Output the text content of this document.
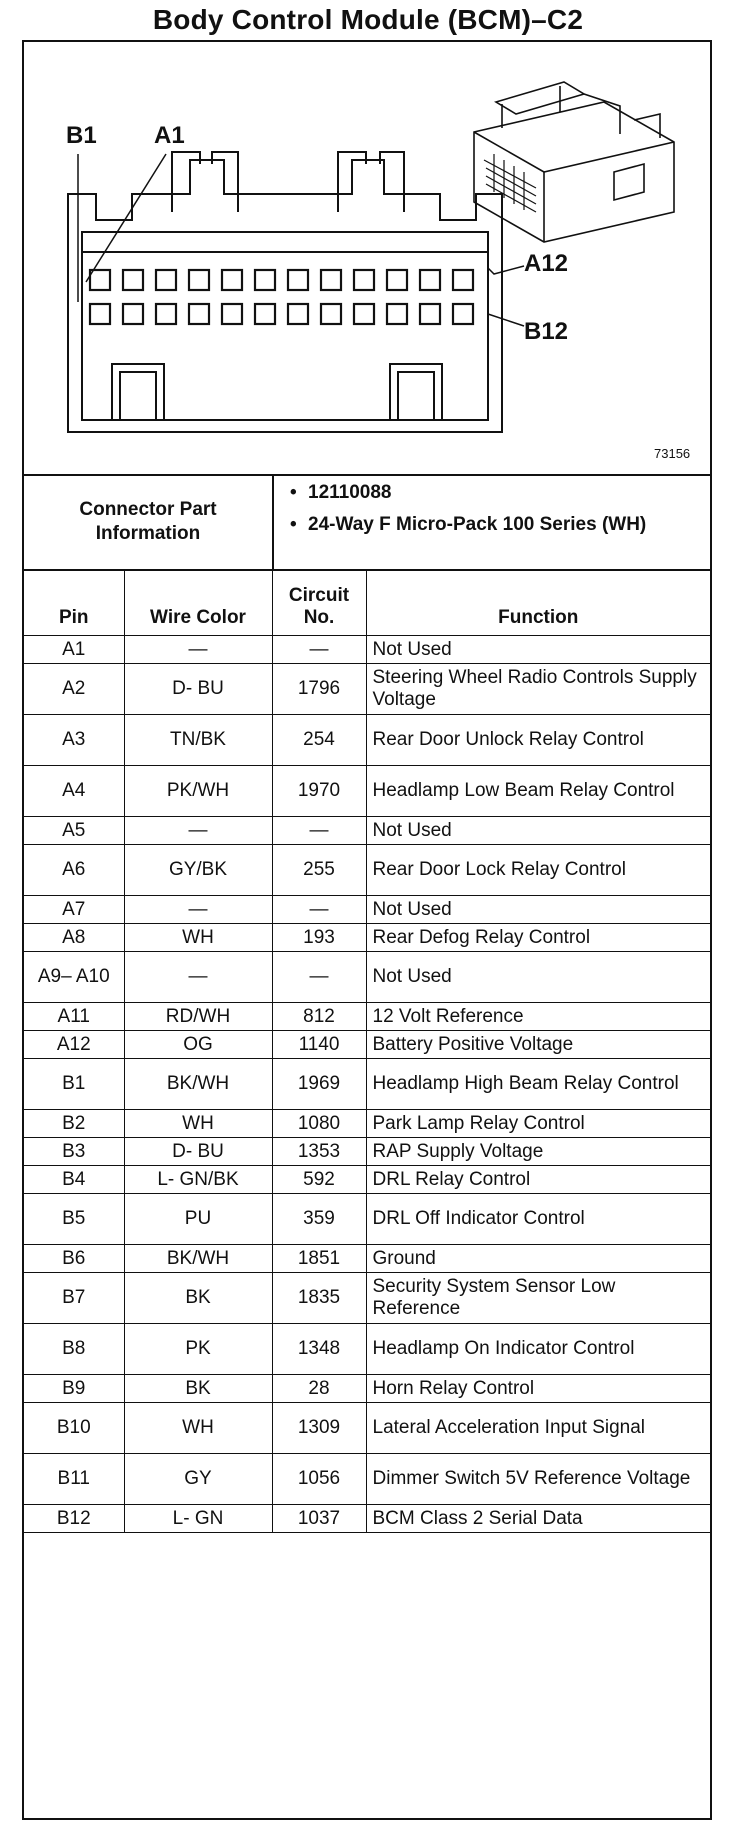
Body Control Module (BCM)–C2
B1 A1
A12
B12
73156
Connector Part Information
• 12110088
• 24-Way F Micro-Pack 100 Series (WH)
Pin	Wire Color	Circuit No.	Function
A1	—	—	Not Used
A2	D- BU	1796	Steering Wheel Radio Controls Supply Voltage
A3	TN/BK	254	Rear Door Unlock Relay Control
A4	PK/WH	1970	Headlamp Low Beam Relay Control
A5	—	—	Not Used
A6	GY/BK	255	Rear Door Lock Relay Control
A7	—	—	Not Used
A8	WH	193	Rear Defog Relay Control
A9– A10	—	—	Not Used
A11	RD/WH	812	12 Volt Reference
A12	OG	1140	Battery Positive Voltage
B1	BK/WH	1969	Headlamp High Beam Relay Control
B2	WH	1080	Park Lamp Relay Control
B3	D- BU	1353	RAP Supply Voltage
B4	L- GN/BK	592	DRL Relay Control
B5	PU	359	DRL Off Indicator Control
B6	BK/WH	1851	Ground
B7	BK	1835	Security System Sensor Low Reference
B8	PK	1348	Headlamp On Indicator Control
B9	BK	28	Horn Relay Control
B10	WH	1309	Lateral Acceleration Input Signal
B11	GY	1056	Dimmer Switch 5V Reference Voltage
B12	L- GN	1037	BCM Class 2 Serial Data
